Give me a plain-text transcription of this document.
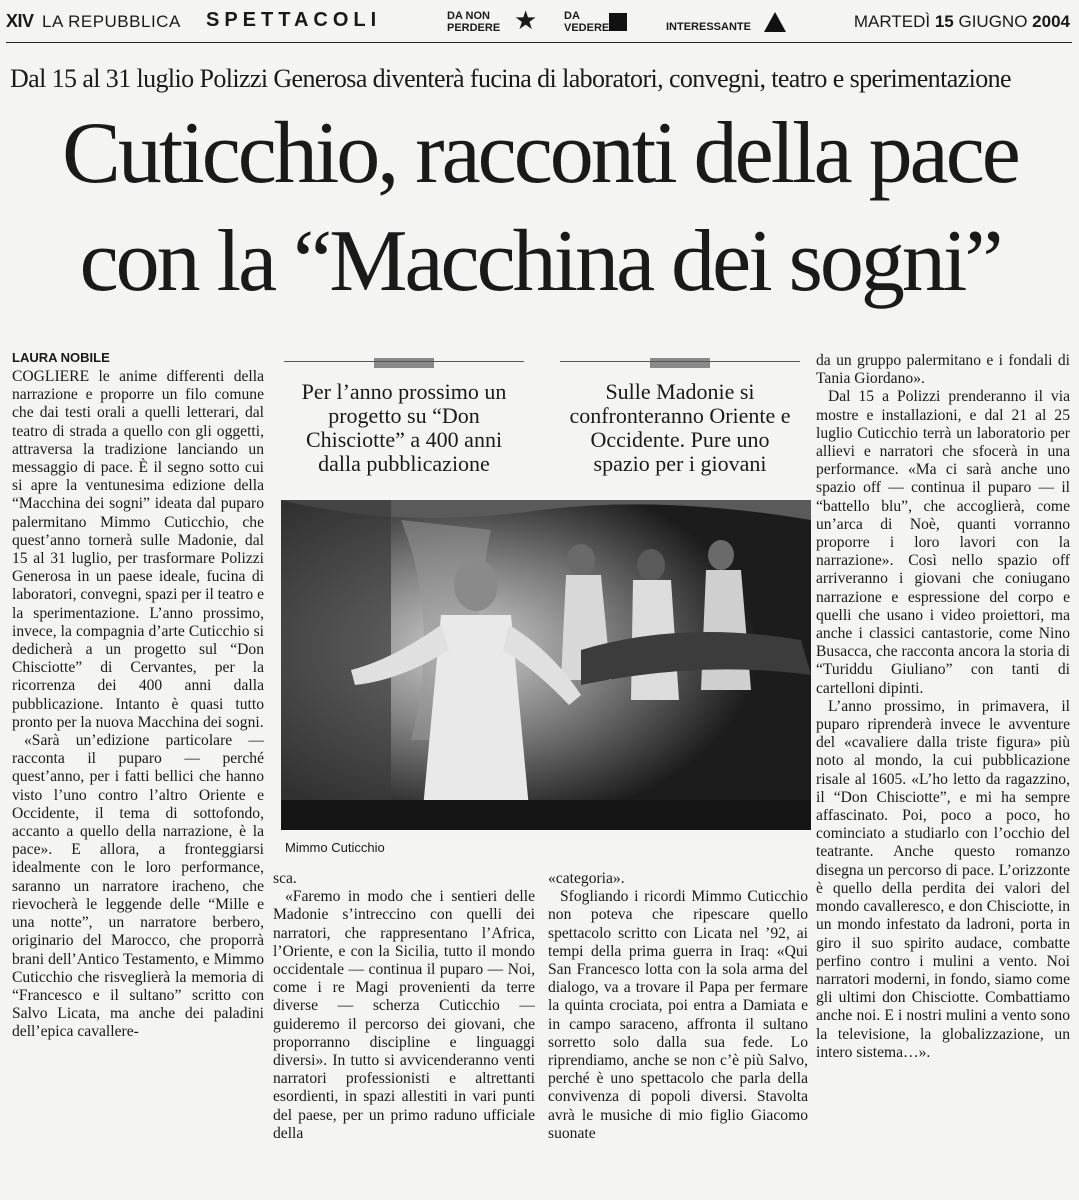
XIV LA REPUBBLICA SPETTACOLI	DA NON
PERDERE ★ DA
VEDERE	INTERESSANTE	MARTEDÌ 15 GIUGNO 2004
Dal 15 al 31 luglio Polizzi Generosa diventerà fucina di laboratori, convegni, teatro e sperimentazione
Cuticchio, racconti della pace
con la “Macchina dei sogni”
LAURA NOBILE

COGLIERE le anime differenti della narrazione e proporre un filo comune che dai testi orali a quelli letterari, dal teatro di strada a quello con gli oggetti, attraversa la tradizione lanciando un messaggio di pace. È il segno sotto cui si apre la ventunesima edizione della “Macchina dei sogni” ideata dal puparo palermitano Mimmo Cuticchio, che quest’anno tornerà sulle Madonie, dal 15 al 31 luglio, per trasformare Polizzi Generosa in un paese ideale, fucina di laboratori, convegni, spazi per il teatro e la sperimentazione. L’anno prossimo, invece, la compagnia d’arte Cuticchio si dedicherà a un progetto sul “Don Chisciotte” di Cervantes, per la ricorrenza dei 400 anni dalla pubblicazione. Intanto è quasi tutto pronto per la nuova Macchina dei sogni.

«Sarà un’edizione particolare — racconta il puparo — perché quest’anno, per i fatti bellici che hanno visto l’uno contro l’altro Oriente e Occidente, il tema di sottofondo, accanto a quello della narrazione, è la pace». E allora, a fronteggiarsi idealmente con le loro performance, saranno un narratore iracheno, che rievocherà le leggende delle “Mille e una notte”, un narratore berbero, originario del Marocco, che proporrà brani dell’Antico Testamento, e Mimmo Cuticchio che risveglierà la memoria di “Francesco e il sultano” scritto con Salvo Licata, ma anche dei paladini dell’epica cavallere-

Per l’anno prossimo un progetto su “Don Chisciotte” a 400 anni dalla pubblicazione
Sulle Madonie si confronteranno Oriente e Occidente. Pure uno spazio per i giovani
Mimmo Cuticchio

sca.

«Faremo in modo che i sentieri delle Madonie s’intreccino con quelli dei narratori, che rappresentano l’Africa, l’Oriente, e con la Sicilia, tutto il mondo occidentale — continua il puparo — Noi, come i re Magi provenienti da terre diverse — scherza Cuticchio — guideremo il percorso dei giovani, che proporranno discipline e linguaggi diversi». In tutto si avvicenderanno venti narratori professionisti e altrettanti esordienti, in spazi allestiti in vari punti del paese, per un primo raduno ufficiale della

«categoria».

Sfogliando i ricordi Mimmo Cuticchio non poteva che ripescare quello spettacolo scritto con Licata nel ’92, ai tempi della prima guerra in Iraq: «Qui San Francesco lotta con la sola arma del dialogo, va a trovare il Papa per fermare la quinta crociata, poi entra a Damiata e in campo saraceno, affronta il sultano sorretto solo dalla sua fede. Lo riprendiamo, anche se non c’è più Salvo, perché è uno spettacolo che parla della convivenza di popoli diversi. Stavolta avrà le musiche di mio figlio Giacomo suonate

da un gruppo palermitano e i fondali di Tania Giordano».

Dal 15 a Polizzi prenderanno il via mostre e installazioni, e dal 21 al 25 luglio Cuticchio terrà un laboratorio per allievi e narratori che sfocerà in una performance. «Ma ci sarà anche uno spazio off — continua il puparo — il “battello blu”, che accoglierà, come un’arca di Noè, quanti vorranno proporre i loro lavori con la narrazione». Così nello spazio off arriveranno i giovani che coniugano narrazione e espressione del corpo e quelli che usano i video proiettori, ma anche i classici cantastorie, come Nino Busacca, che racconta ancora la storia di “Turiddu Giuliano” con tanti di cartelloni dipinti.

L’anno prossimo, in primavera, il puparo riprenderà invece le avventure del «cavaliere dalla triste figura» più noto al mondo, la cui pubblicazione risale al 1605. «L’ho letto da ragazzino, il “Don Chisciotte”, e mi ha sempre affascinato. Poi, poco a poco, ho cominciato a studiarlo con l’occhio del teatrante. Anche questo romanzo disegna un percorso di pace. L’orizzonte è quello della perdita dei valori del mondo cavalleresco, e don Chisciotte, in un mondo infestato da ladroni, porta in giro il suo spirito audace, combatte perfino contro i mulini a vento. Noi narratori moderni, in fondo, siamo come gli ultimi don Chisciotte. Combattiamo anche noi. E i nostri mulini a vento sono la televisione, la globalizzazione, un intero sistema…».
